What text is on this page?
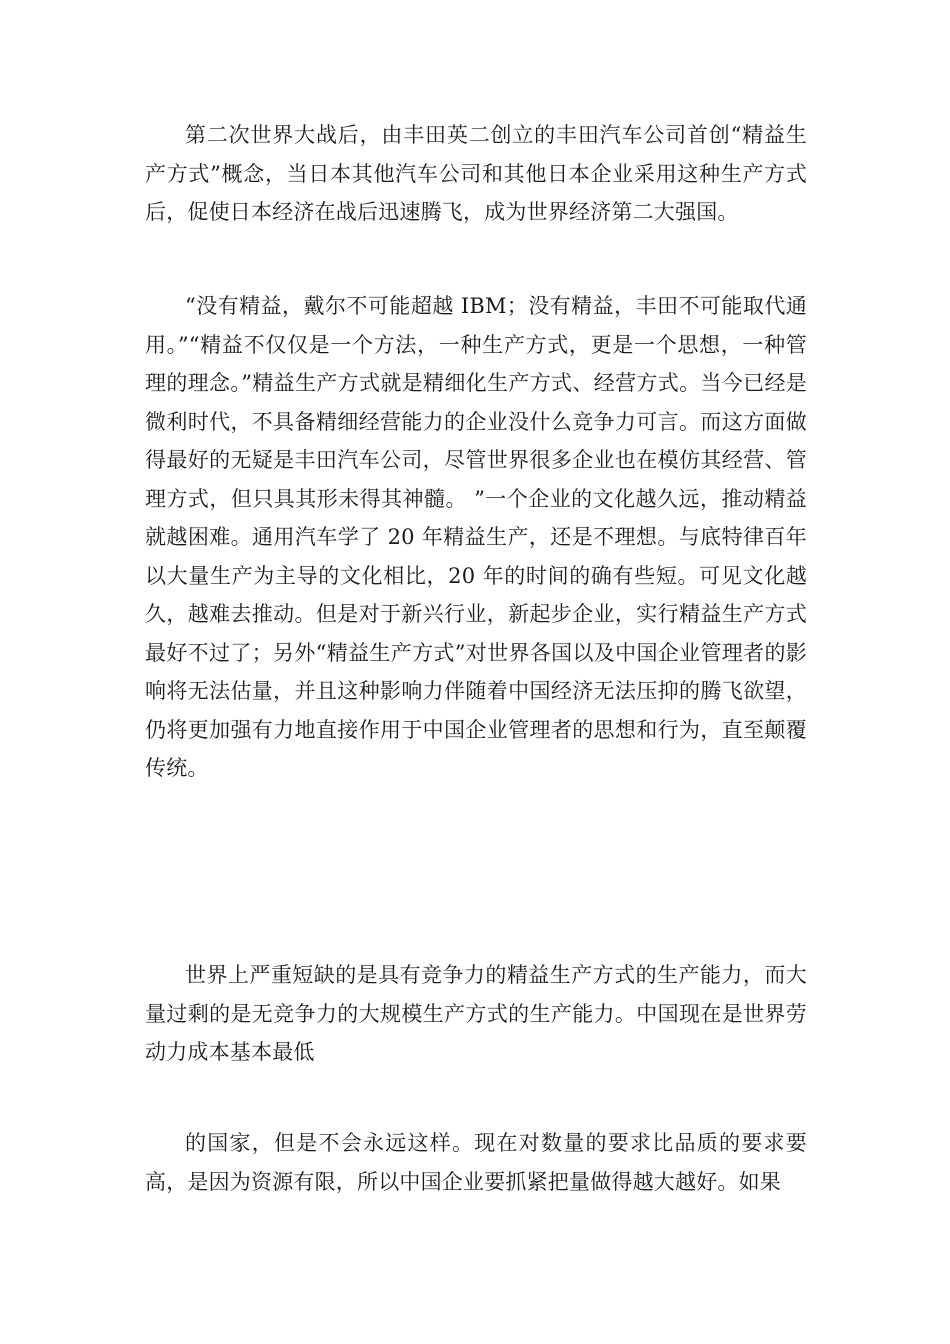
第二次世界大战后，由丰田英二创立的丰田汽车公司首创“精益生产方式”概念，当日本其他汽车公司和其他日本企业采用这种生产方式后，促使日本经济在战后迅速腾飞，成为世界经济第二大强国。

“没有精益，戴尔不可能超越 IBM；没有精益，丰田不可能取代通用。”“精益不仅仅是一个方法，一种生产方式，更是一个思想，一种管理的理念。”精益生产方式就是精细化生产方式、经营方式。当今已经是微利时代，不具备精细经营能力的企业没什么竞争力可言。而这方面做得最好的无疑是丰田汽车公司，尽管世界很多企业也在模仿其经营、管理方式，但只具其形未得其神髓。 ”一个企业的文化越久远，推动精益就越困难。通用汽车学了 20 年精益生产，还是不理想。与底特律百年以大量生产为主导的文化相比，20 年的时间的确有些短。可见文化越久，越难去推动。但是对于新兴行业，新起步企业，实行精益生产方式最好不过了；另外“精益生产方式”对世界各国以及中国企业管理者的影响将无法估量，并且这种影响力伴随着中国经济无法压抑的腾飞欲望，仍将更加强有力地直接作用于中国企业管理者的思想和行为，直至颠覆传统。

世界上严重短缺的是具有竞争力的精益生产方式的生产能力，而大量过剩的是无竞争力的大规模生产方式的生产能力。中国现在是世界劳动力成本基本最低

的国家，但是不会永远这样。现在对数量的要求比品质的要求要高，是因为资源有限，所以中国企业要抓紧把量做得越大越好。如果
